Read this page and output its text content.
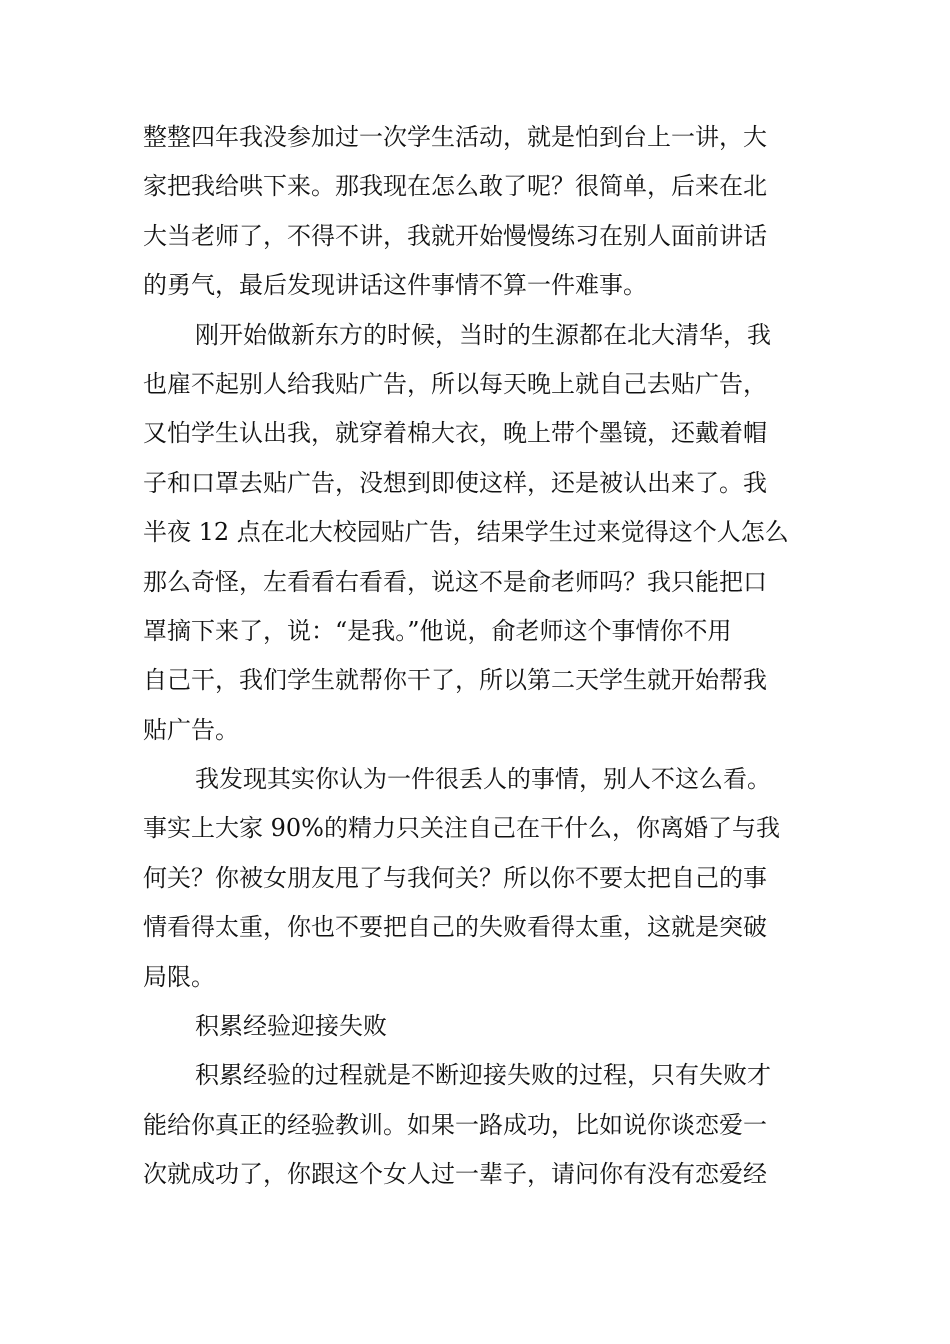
整整四年我没参加过一次学生活动，就是怕到台上一讲，大
家把我给哄下来。那我现在怎么敢了呢？很简单，后来在北
大当老师了，不得不讲，我就开始慢慢练习在别人面前讲话
的勇气，最后发现讲话这件事情不算一件难事。
刚开始做新东方的时候，当时的生源都在北大清华，我
也雇不起别人给我贴广告，所以每天晚上就自己去贴广告，
又怕学生认出我，就穿着棉大衣，晚上带个墨镜，还戴着帽
子和口罩去贴广告，没想到即使这样，还是被认出来了。我
半夜 12 点在北大校园贴广告，结果学生过来觉得这个人怎么
那么奇怪，左看看右看看，说这不是俞老师吗？我只能把口
罩摘下来了，说：“是我。”他说，俞老师这个事情你不用
自己干，我们学生就帮你干了，所以第二天学生就开始帮我
贴广告。
我发现其实你认为一件很丢人的事情，别人不这么看。
事实上大家 90%的精力只关注自己在干什么，你离婚了与我
何关？你被女朋友甩了与我何关？所以你不要太把自己的事
情看得太重，你也不要把自己的失败看得太重，这就是突破
局限。
积累经验迎接失败
积累经验的过程就是不断迎接失败的过程，只有失败才
能给你真正的经验教训。如果一路成功，比如说你谈恋爱一
次就成功了，你跟这个女人过一辈子，请问你有没有恋爱经
